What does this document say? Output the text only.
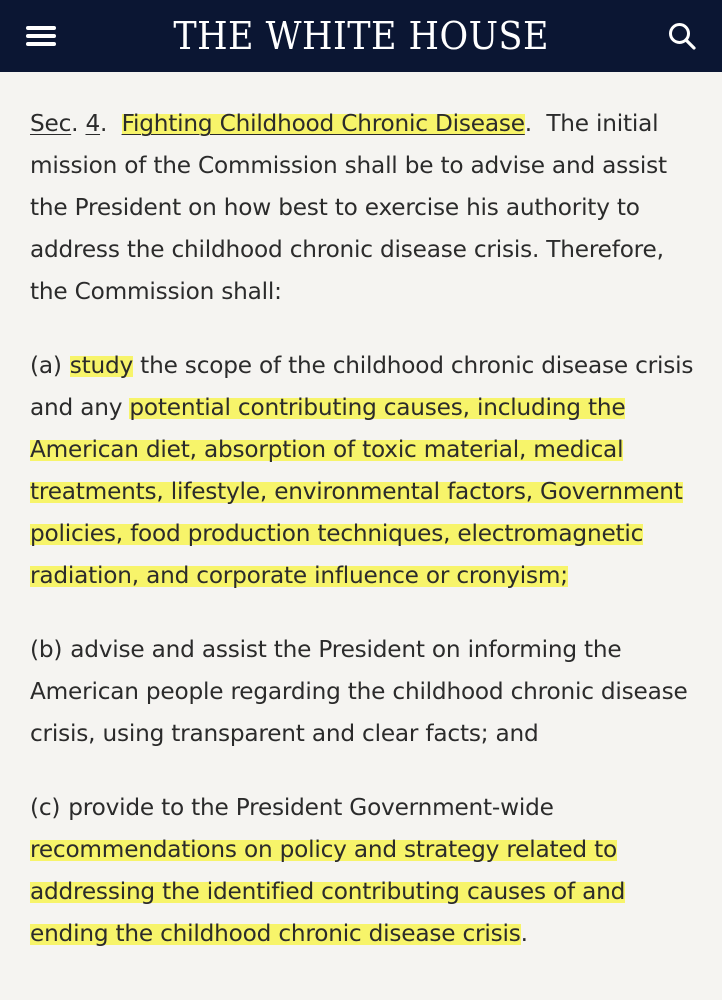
THE WHITE HOUSE

Sec. 4. Fighting Childhood Chronic Disease. The initial mission of the Commission shall be to advise and assist the President on how best to exercise his authority to address the childhood chronic disease crisis. Therefore, the Commission shall:

(a) study the scope of the childhood chronic disease crisis and any potential contributing causes, including the American diet, absorption of toxic material, medical treatments, lifestyle, environmental factors, Government policies, food production techniques, electromagnetic radiation, and corporate influence or cronyism;

(b) advise and assist the President on informing the American people regarding the childhood chronic disease crisis, using transparent and clear facts; and

(c) provide to the President Government-wide recommendations on policy and strategy related to addressing the identified contributing causes of and ending the childhood chronic disease crisis.
